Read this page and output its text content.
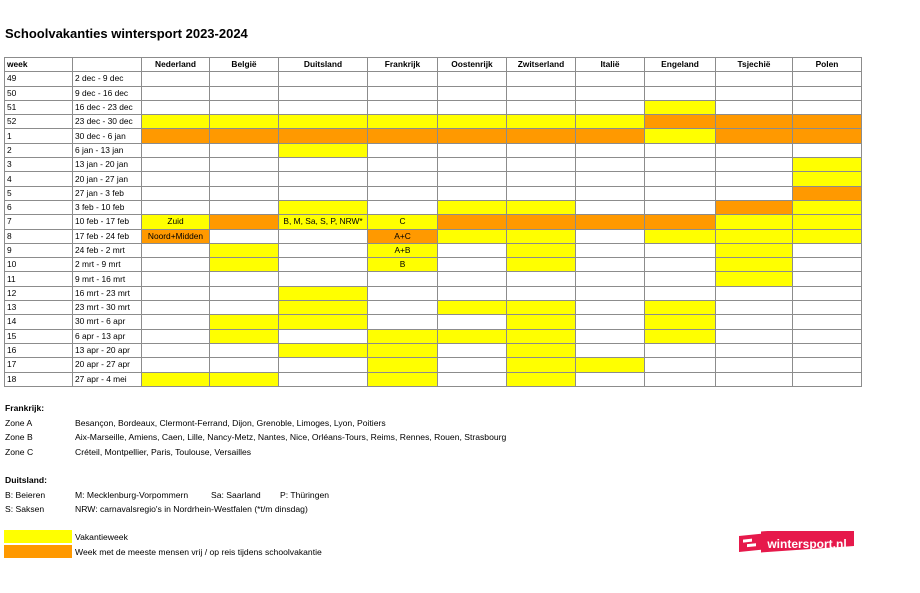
Schoolvakanties wintersport 2023-2024
week		Nederland	België	Duitsland	Frankrijk	Oostenrijk	Zwitserland	Italië	Engeland	Tsjechië	Polen
49	2 dec - 9 dec										
50	9 dec - 16 dec										
51	16 dec - 23 dec										
52	23 dec - 30 dec										
1	30 dec - 6 jan										
2	6 jan - 13 jan										
3	13 jan - 20 jan										
4	20 jan - 27 jan										
5	27 jan - 3 feb										
6	3 feb - 10 feb										
7	10 feb - 17 feb	Zuid		B, M, Sa, S, P, NRW*	C						
8	17 feb - 24 feb	Noord+Midden			A+C						
9	24 feb - 2 mrt				A+B						
10	2 mrt - 9 mrt				B						
11	9 mrt - 16 mrt										
12	16 mrt - 23 mrt										
13	23 mrt - 30 mrt										
14	30 mrt - 6 apr										
15	6 apr - 13 apr										
16	13 apr - 20 apr										
17	20 apr - 27 apr										
18	27 apr - 4 mei										
Frankrijk:
Zone A	Besançon, Bordeaux, Clermont-Ferrand, Dijon, Grenoble, Limoges, Lyon, Poitiers
Zone B	Aix-Marseille, Amiens, Caen, Lille, Nancy-Metz, Nantes, Nice, Orléans-Tours, Reims, Rennes, Rouen, Strasbourg
Zone C	Créteil, Montpellier, Paris, Toulouse, Versailles
Duitsland:
B: Beieren	M: Mecklenburg-Vorpommern	Sa: Saarland P: Thüringen
S: Saksen	NRW: carnavalsregio's in Nordrhein-Westfalen (*t/m dinsdag)
Vakantieweek
Week met de meeste mensen vrij / op reis tijdens schoolvakantie
wintersport.nl
